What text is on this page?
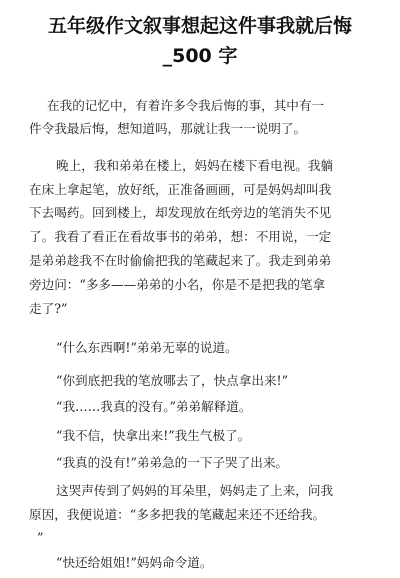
五年级作文叙事想起这件事我就后悔
_500 字

在我的记忆中，有着许多令我后悔的事，其中有一

件令我最后悔，想知道吗，那就让我一一说明了。

晚上，我和弟弟在楼上，妈妈在楼下看电视。我躺

在床上拿起笔，放好纸，正准备画画，可是妈妈却叫我

下去喝药。回到楼上，却发现放在纸旁边的笔消失不见

了。我看了看正在看故事书的弟弟，想：不用说，一定

是弟弟趁我不在时偷偷把我的笔藏起来了。我走到弟弟

旁边问：“多多——弟弟的小名，你是不是把我的笔拿

走了?”

“什么东西啊!”弟弟无辜的说道。

“你到底把我的笔放哪去了，快点拿出来!”

“我……我真的没有。”弟弟解释道。

“我不信，快拿出来!”我生气极了。

“我真的没有!”弟弟急的一下子哭了出来。

这哭声传到了妈妈的耳朵里，妈妈走了上来，问我

原因，我便说道：“多多把我的笔藏起来还不还给我。

”

“快还给姐姐!”妈妈命令道。
